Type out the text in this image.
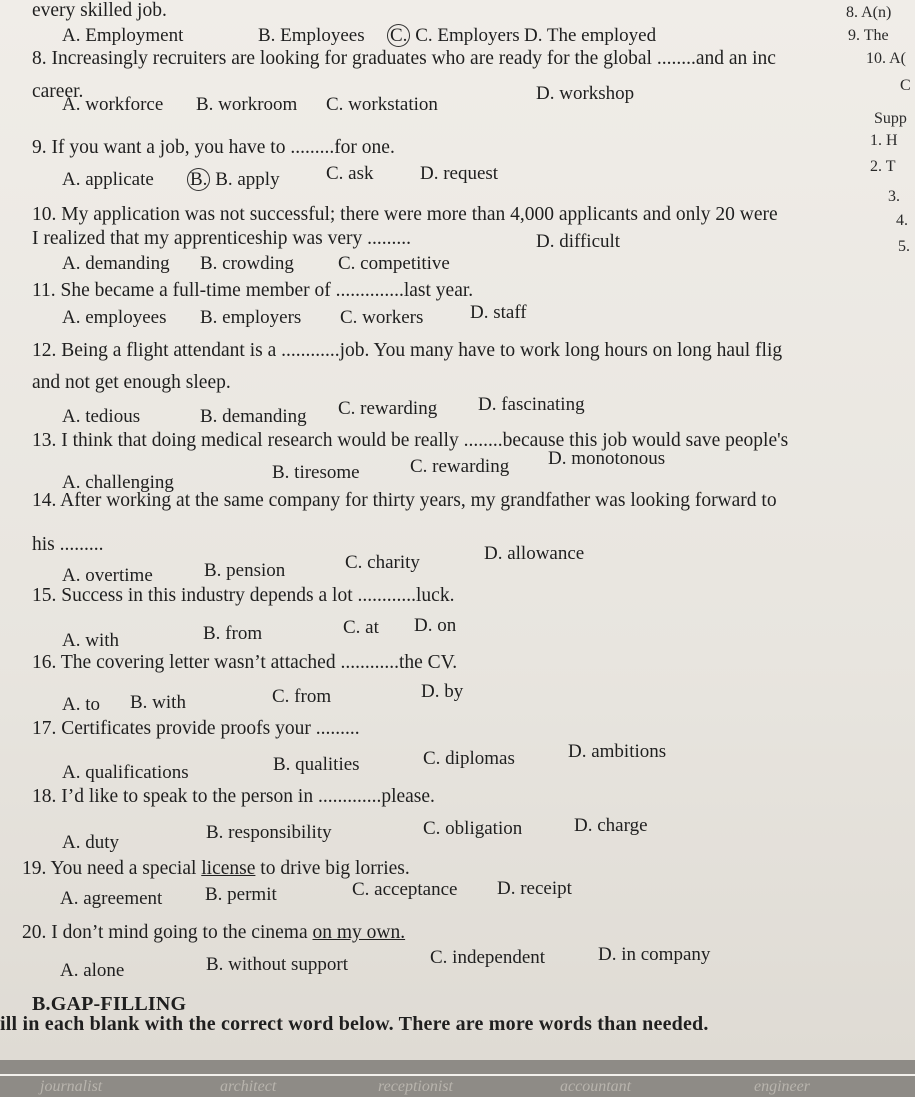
every skilled job.
A. Employment	B. Employees C. C. Employers D. The employed
8. Increasingly recruiters are looking for graduates who are ready for the global ........and an inc
career.
A. workforce B. workroom C. workstation
D. workshop
9. If you want a job, you have to .........for one.
A. applicate B. B. apply C. ask D. request
10. My application was not successful; there were more than 4,000 applicants and only 20 were
I realized that my apprenticeship was very .........
A. demanding B. crowding C. competitive
D. difficult
11. She became a full-time member of ..............last year.
A. employees B. employers C. workers D. staff
12. Being a flight attendant is a ............job. You many have to work long hours on long haul flig
and not get enough sleep.
A. tedious	B. demanding C. rewarding D. fascinating
13. I think that doing medical research would be really ........because this job would save people's
A. challenging	B. tiresome	C. rewarding D. monotonous
14. After working at the same company for thirty years, my grandfather was looking forward to
his .........
A. overtime	B. pension	C. charity	D. allowance
15. Success in this industry depends a lot ............luck.
A. with	B. from	C. at D. on
16. The covering letter wasn’t attached ............the CV.
A. to B. with	C. from	D. by
17. Certificates provide proofs your .........
A. qualifications	B. qualities	C. diplomas	D. ambitions
18. I’d like to speak to the person in .............please.
A. duty	B. responsibility	C. obligation	D. charge
19. You need a special license to drive big lorries.
A. agreement B. permit	C. acceptance D. receipt
20. I don’t mind going to the cinema on my own.
A. alone	B. without support	C. independent	D. in company
B.GAP-FILLING
ill in each blank with the correct word below. There are more words than needed.
8. A(n)
9. The
10. A(
C
Supp
1. H
2. T
3.
4.
5.
journalist	architect	receptionist	accountant	engineer
